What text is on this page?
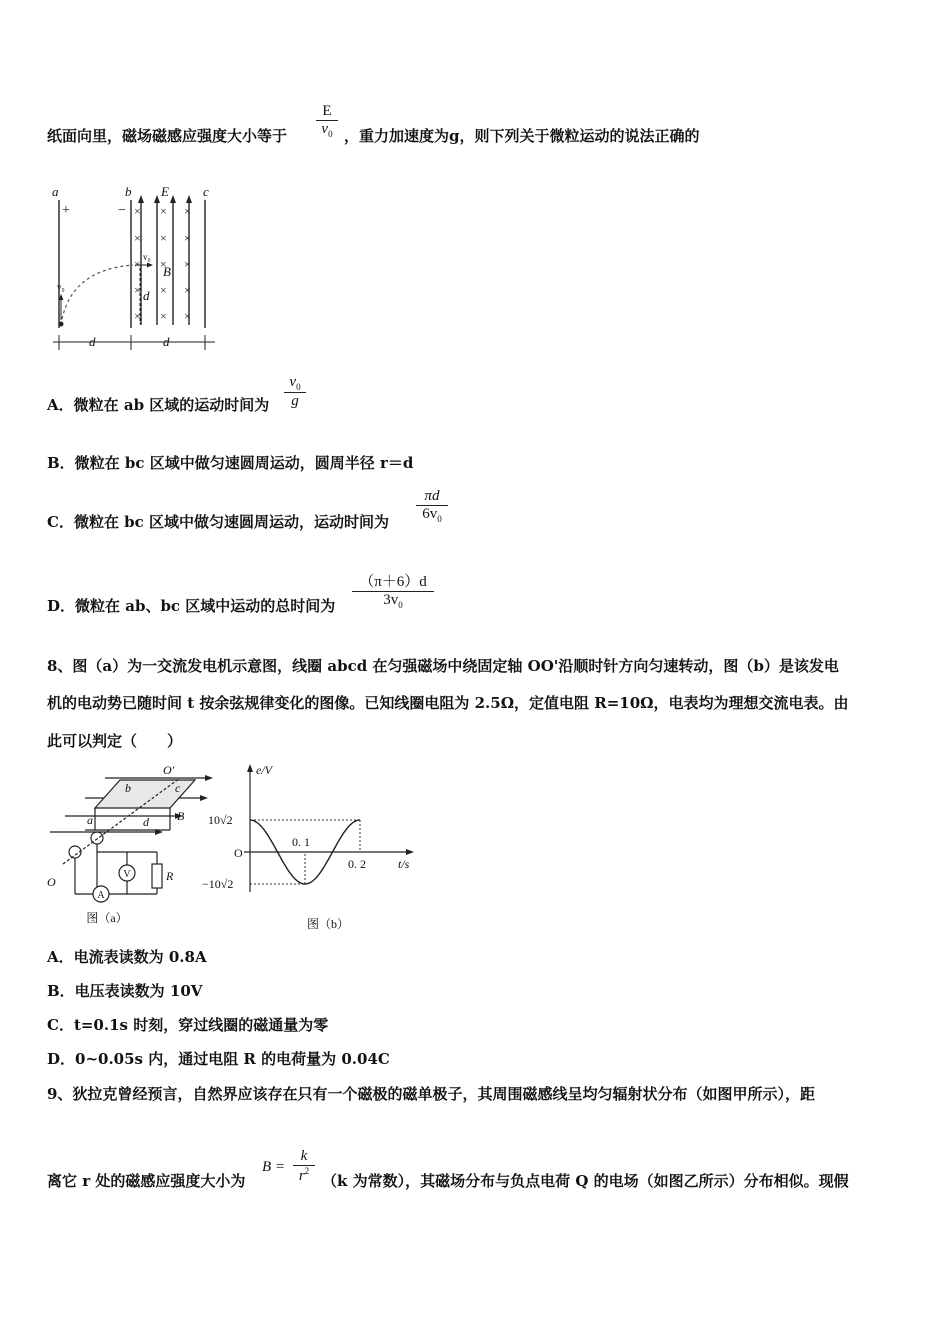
纸面向里，磁场磁感应强度大小等于
E
$v_0$ ，重力加速度为g，则下列关于微粒运动的说法正确的
a	b E	c
B
d
d	d
v₀
v₀
+	− × × ×
× × ×
× × ×
× × ×
× × ×
A．微粒在 ab 区域的运动时间为
$v_0$
g
B．微粒在 bc 区域中做匀速圆周运动，圆周半径 r＝d
C．微粒在 bc 区域中做匀速圆周运动，运动时间为
πd
$6v_0$
D．微粒在 ab、bc 区域中运动的总时间为
（π＋6）d
$3v_0$
8、图（a）为一交流发电机示意图，线圈 abcd 在匀强磁场中绕固定轴 OO'沿顺时针方向匀速转动，图（b）是该发电
机的电动势已随时间 t 按余弦规律变化的图像。已知线圈电阻为 2.5Ω，定值电阻 R=10Ω，电表均为理想交流电表。由
此可以判定（　　）
O′
b	c
a	d B
O	R
V
A
图（a）
e/V
t/s
O
10√2
−10√2
0. 1
0. 2
图（b）
A．电流表读数为 0.8A
B．电压表读数为 10V
C．t=0.1s 时刻，穿过线圈的磁通量为零
D．0~0.05s 内，通过电阻 R 的电荷量为 0.04C
9、狄拉克曾经预言，自然界应该存在只有一个磁极的磁单极子，其周围磁感线呈均匀辐射状分布（如图甲所示），距
离它 r 处的磁感应强度大小为
B =
k
$r^2$
（k 为常数），其磁场分布与负点电荷 Q 的电场（如图乙所示）分布相似。现假
